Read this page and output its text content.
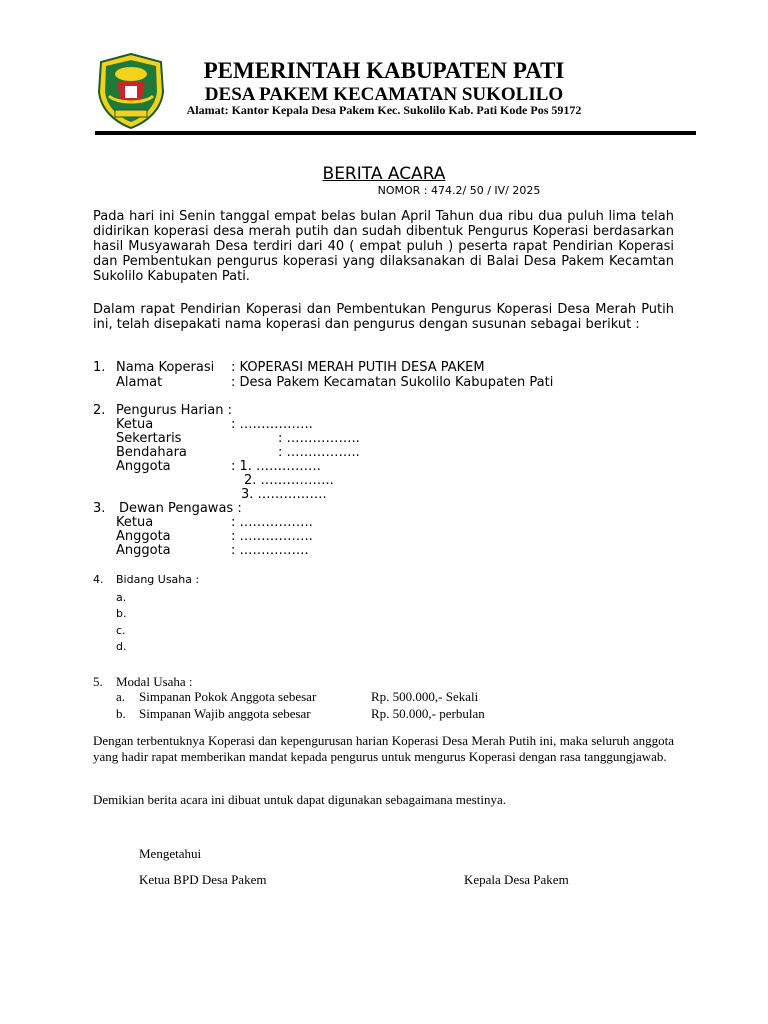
PEMERINTAH KABUPATEN PATI
DESA PAKEM KECAMATAN SUKOLILO
Alamat: Kantor Kepala Desa Pakem Kec. Sukolilo Kab. Pati Kode Pos 59172
BERITA ACARA
NOMOR : 474.2/ 50 / IV/ 2025
Pada hari ini Senin tanggal empat belas bulan April Tahun dua ribu dua puluh lima telah didirikan koperasi desa merah putih dan sudah dibentuk Pengurus Koperasi berdasarkan hasil Musyawarah Desa terdiri dari 40 ( empat puluh ) peserta rapat Pendirian Koperasi dan Pembentukan pengurus koperasi yang dilaksanakan di Balai Desa Pakem Kecamtan Sukolilo Kabupaten Pati.
Dalam rapat Pendirian Koperasi dan Pembentukan Pengurus Koperasi Desa Merah Putih ini, telah disepakati nama koperasi dan pengurus dengan susunan sebagai berikut :
1. Nama Koperasi : KOPERASI MERAH PUTIH DESA PAKEM
Alamat	: Desa Pakem Kecamatan Sukolilo Kabupaten Pati
2. Pengurus Harian :
Ketua	: ……………..
Sekertaris	: ……………..
Bendahara	: ……………..
Anggota	: 1. ……………
2. ……………..
3. …………….
3. Dewan Pengawas :
Ketua	: ……………..
Anggota	: ……………..
Anggota	: …………….
4. Bidang Usaha :
a.
b.
c.
d.
5. Modal Usaha :
a. Simpanan Pokok Anggota sebesar	Rp. 500.000,- Sekali
b. Simpanan Wajib anggota sebesar	Rp. 50.000,- perbulan
Dengan terbentuknya Koperasi dan kepengurusan harian Koperasi Desa Merah Putih ini, maka seluruh anggota yang hadir rapat memberikan mandat kepada pengurus untuk mengurus Koperasi dengan rasa tanggungjawab.
Demikian berita acara ini dibuat untuk dapat digunakan sebagaimana mestinya.
Mengetahui
Ketua BPD Desa Pakem	Kepala Desa Pakem
